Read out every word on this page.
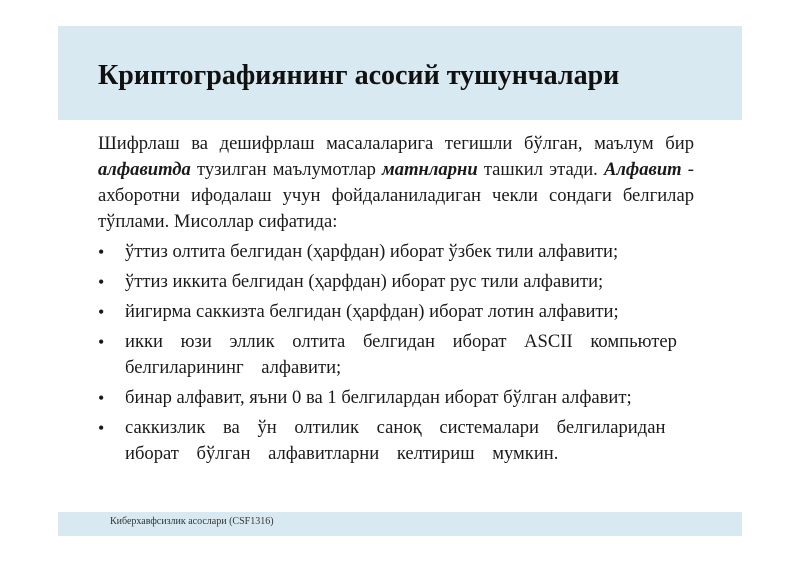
Криптографиянинг асосий тушунчалари

Шифрлаш ва дешифрлаш масалаларига тегишли бўлган, маълум бир алфавитда тузилган маълумотлар матнларни ташкил этади. Алфавит - ахборотни ифодалаш учун фойдаланиладиган чекли сондаги белгилар тўплами. Мисоллар сифатида:

• ўттиз олтита белгидан (ҳарфдан) иборат ўзбек тили алфавити;
• ўттиз иккита белгидан (ҳарфдан) иборат рус тили алфавити;
• йигирма саккизта белгидан (ҳарфдан) иборат лотин алфавити;
• икки юзи эллик олтита белгидан иборат ASCII компьютер белгиларининг алфавити;
• бинар алфавит, яъни 0 ва 1 белгилардан иборат бўлган алфавит;
• саккизлик ва ўн олтилик саноқ системалари белгиларидан иборат бўлган алфавитларни келтириш мумкин.
Киберхавфсизлик асослари (CSF1316)
